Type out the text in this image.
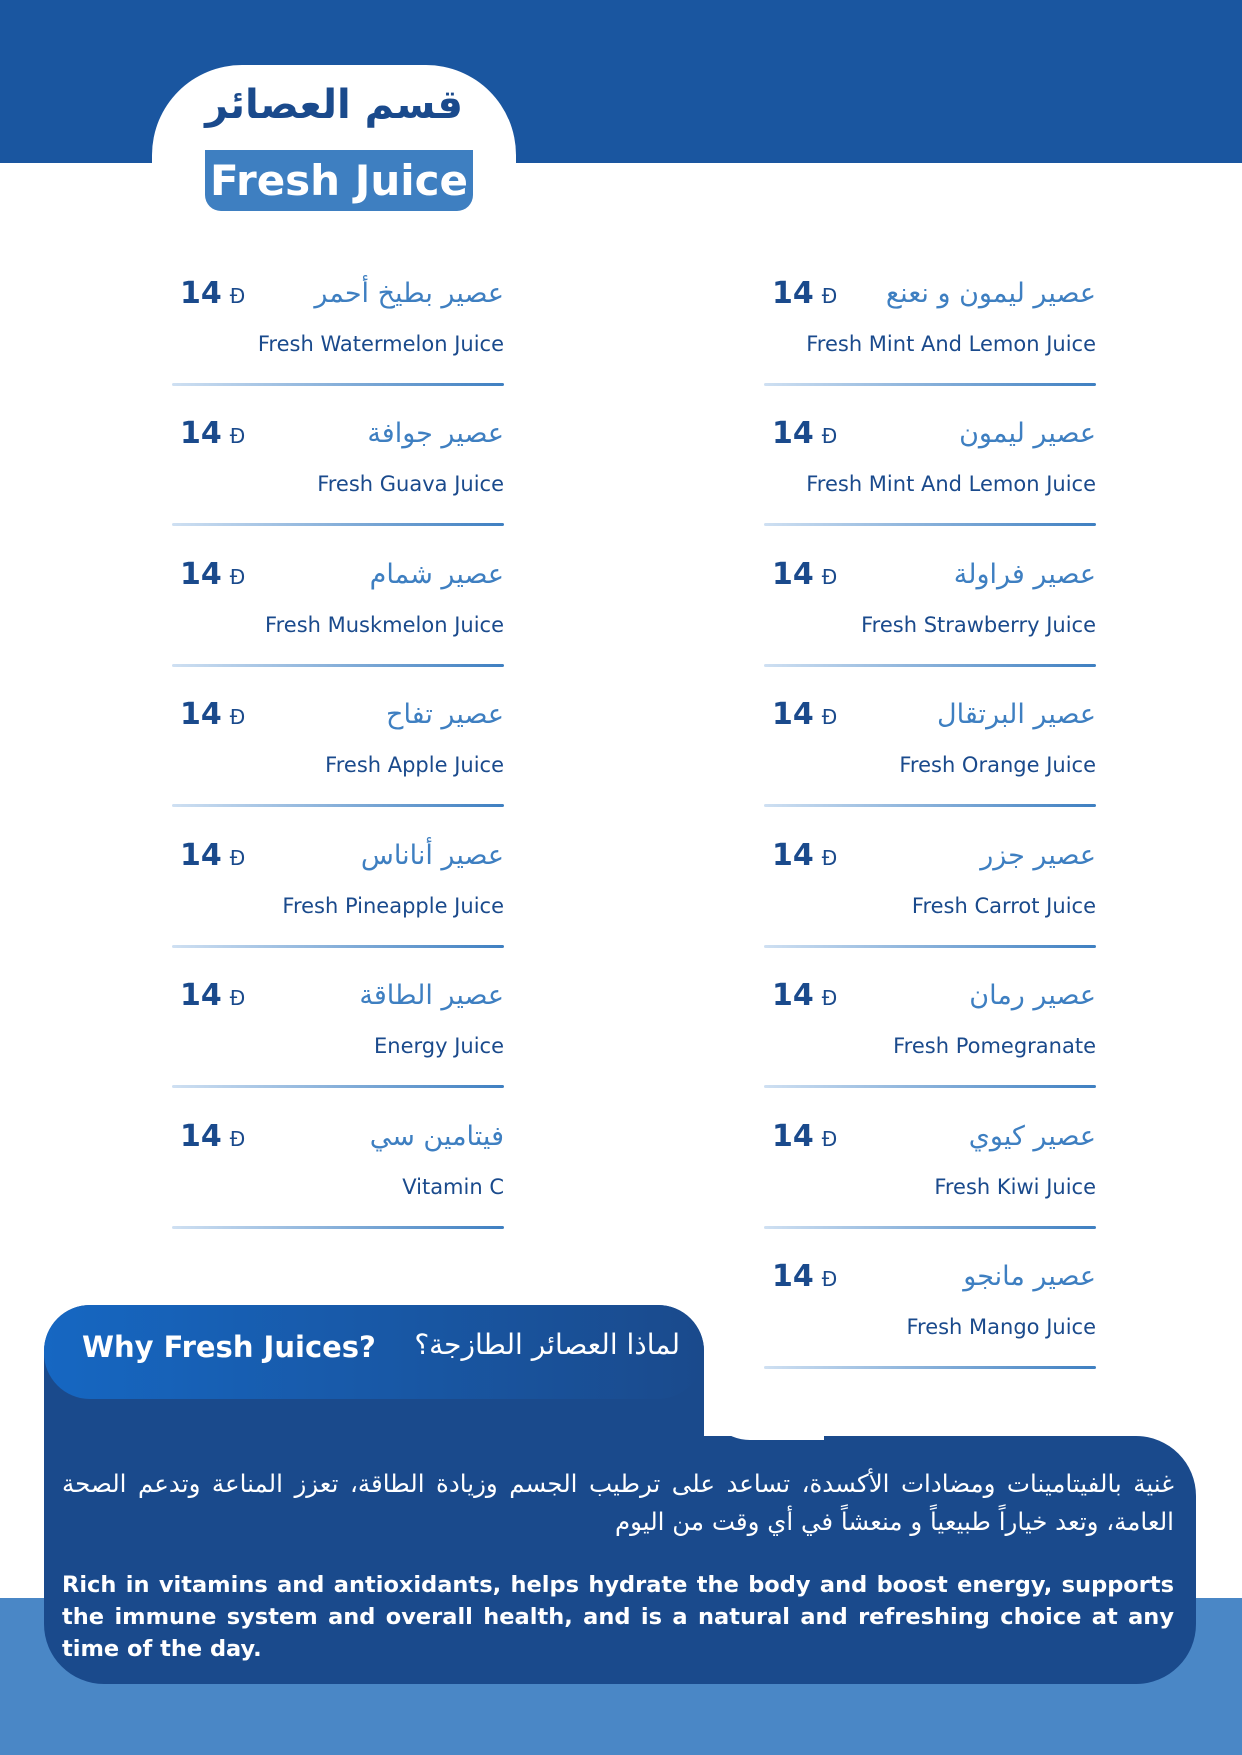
قسم العصائر
Fresh Juice
عصير بطيخ أحمر
14 Ð
Fresh Watermelon Juice
عصير جوافة
14 Ð
Fresh Guava Juice
عصير شمام
14 Ð
Fresh Muskmelon Juice
عصير تفاح
14 Ð
Fresh Apple Juice
عصير أناناس
14 Ð
Fresh Pineapple Juice
عصير الطاقة
14 Ð
Energy Juice
فيتامين سي
14 Ð
Vitamin C
عصير ليمون و نعنع
14 Ð
Fresh Mint And Lemon Juice
عصير ليمون
14 Ð
Fresh Mint And Lemon Juice
عصير فراولة
14 Ð
Fresh Strawberry Juice
عصير البرتقال
14 Ð
Fresh Orange Juice
عصير جزر
14 Ð
Fresh Carrot Juice
عصير رمان
14 Ð
Fresh Pomegranate
عصير كيوي
14 Ð
Fresh Kiwi Juice
عصير مانجو
14 Ð
Fresh Mango Juice
Why Fresh Juices?	لماذا العصائر الطازجة؟
غنية بالفيتامينات ومضادات الأكسدة، تساعد على ترطيب الجسم وزيادة الطاقة، تعزز المناعة وتدعم الصحة العامة، وتعد خياراً طبيعياً و منعشاً في أي وقت من اليوم
Rich in vitamins and antioxidants, helps hydrate the body and boost energy, supports the immune system and overall health, and is a natural and refreshing choice at any time of the day.
